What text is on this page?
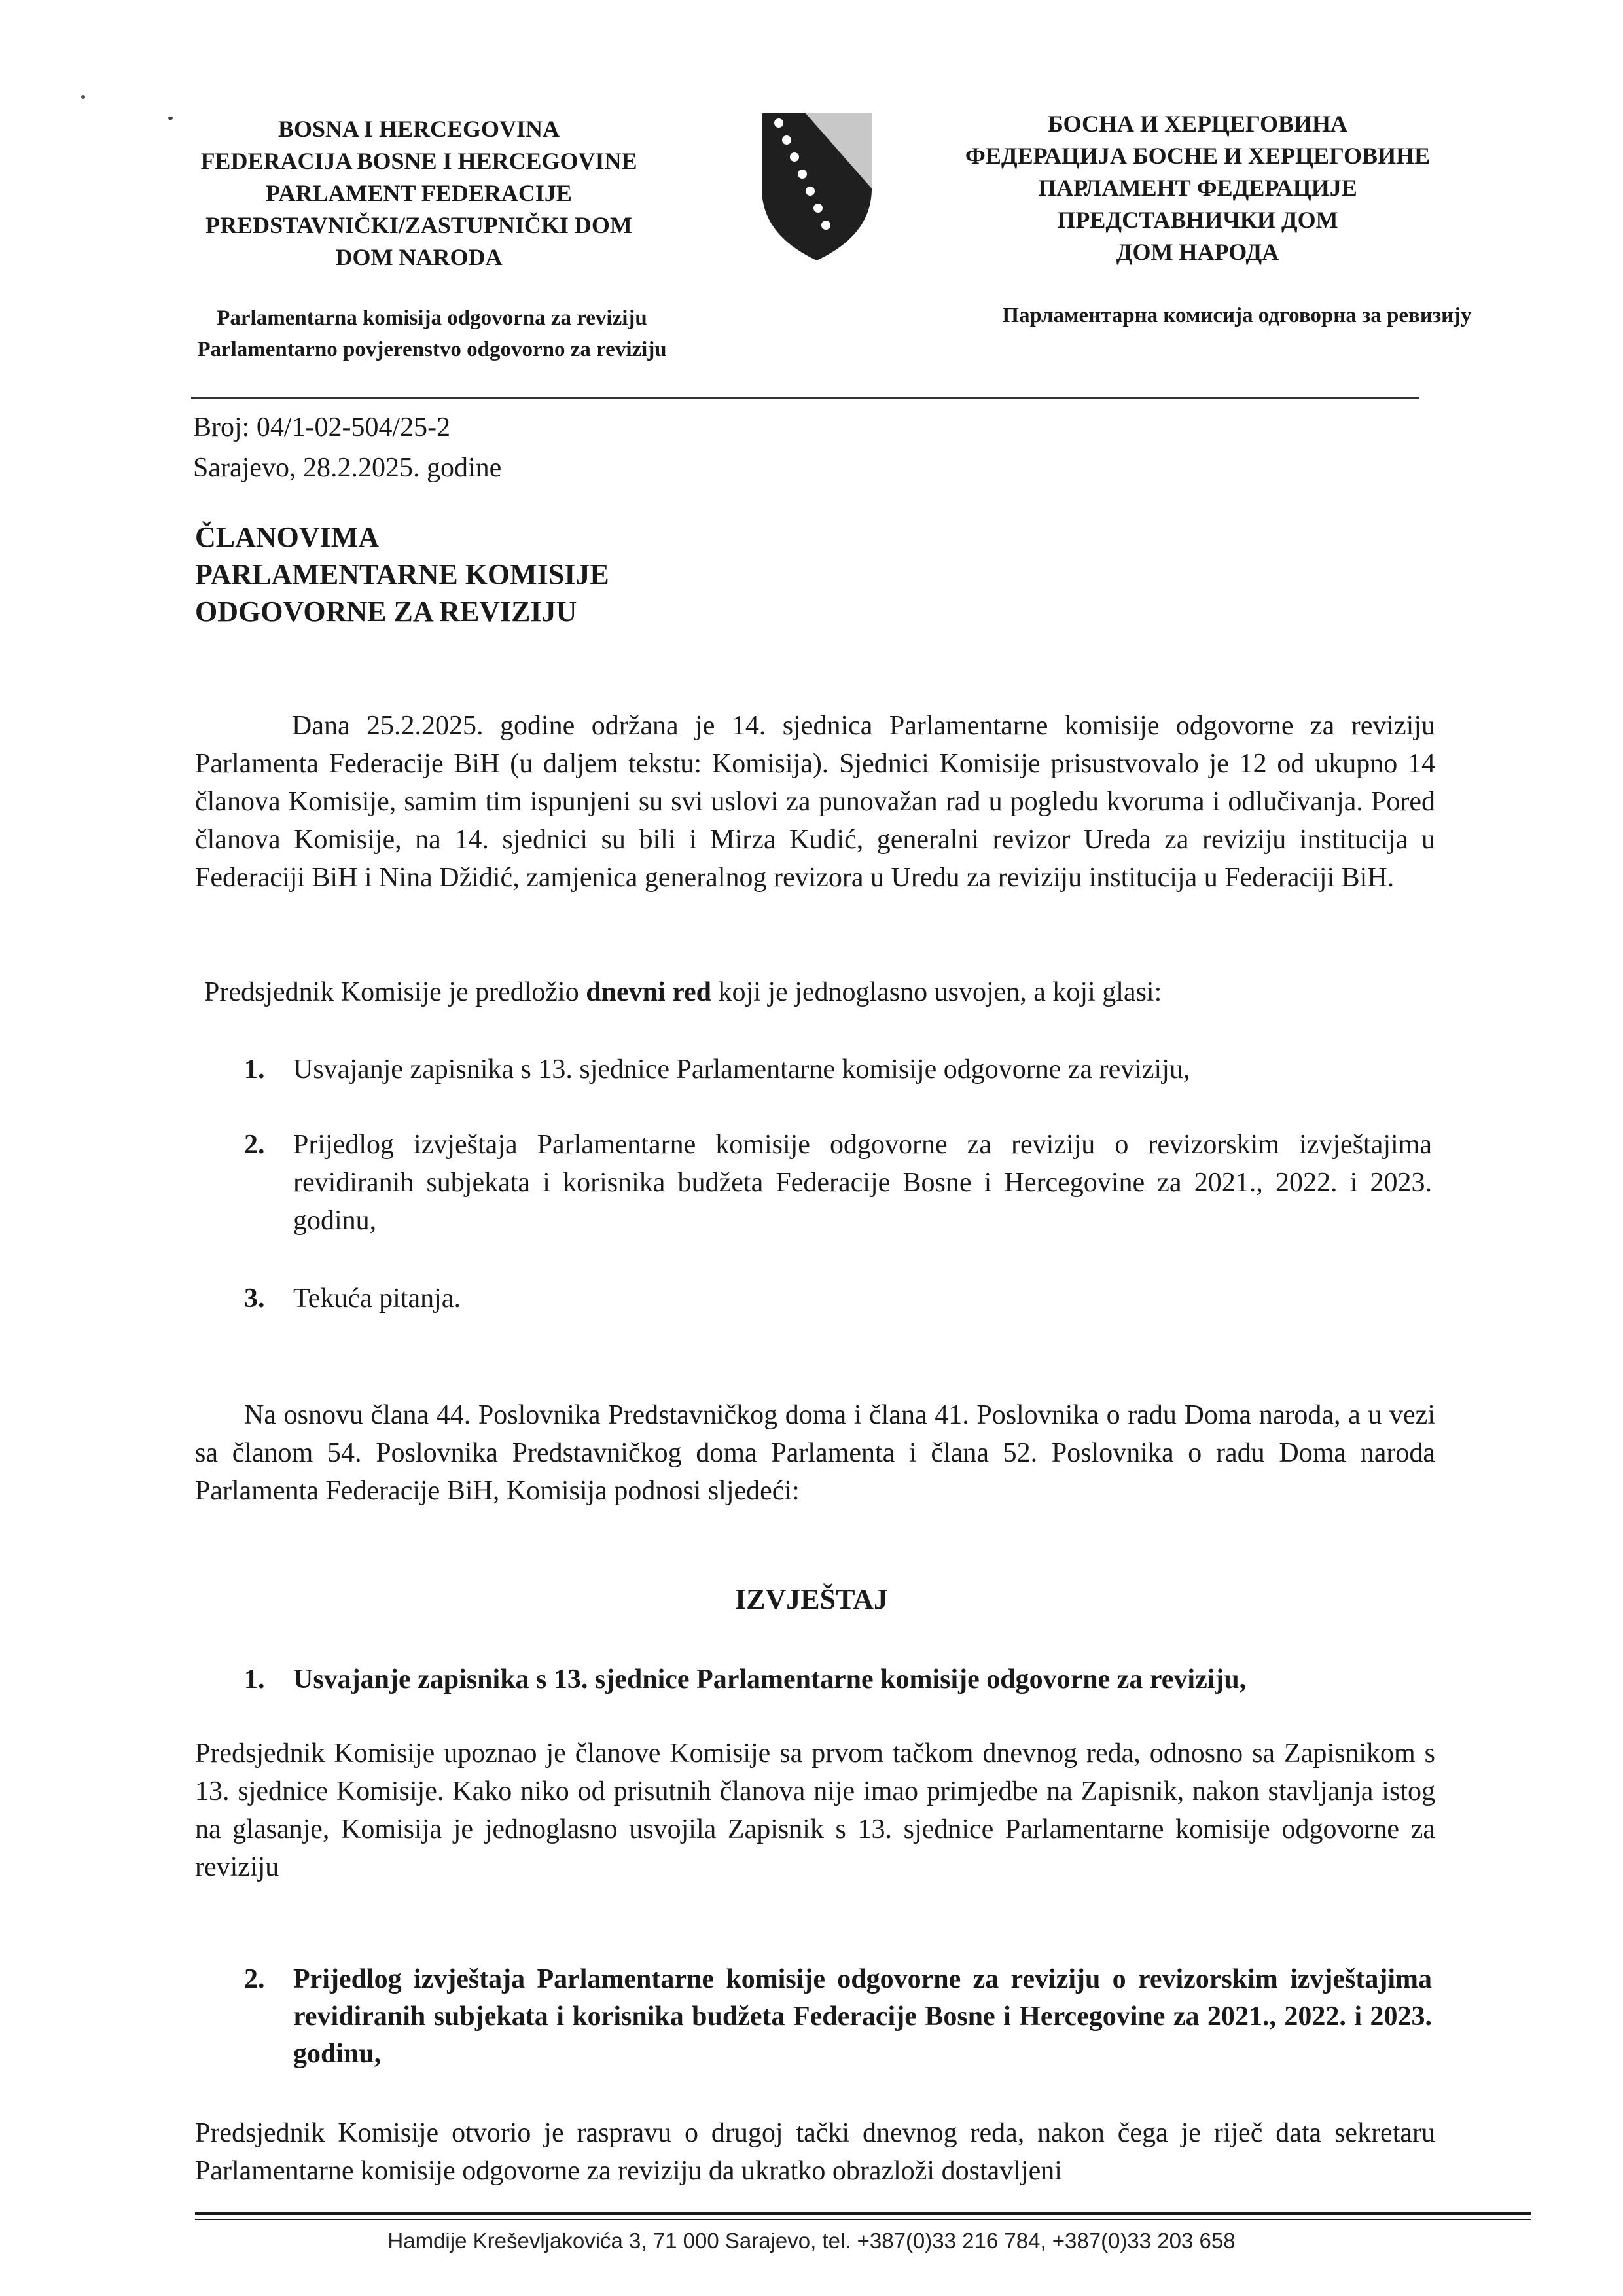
BOSNA I HERCEGOVINA
FEDERACIJA BOSNE I HERCEGOVINE
PARLAMENT FEDERACIJE
PREDSTAVNIČKI/ZASTUPNIČKI DOM
DOM NARODA
БОСНА И ХЕРЦЕГОВИНА
ФЕДЕРАЦИЈА БОСНЕ И ХЕРЦЕГОВИНЕ
ПАРЛАМЕНТ ФЕДЕРАЦИЈЕ
ПРЕДСТАВНИЧКИ ДОМ
ДОМ НАРОДА
Parlamentarna komisija odgovorna za reviziju
Parlamentarno povjerenstvo odgovorno za reviziju
Парламентарна комисија одговорна за ревизију
Broj: 04/1-02-504/25-2
Sarajevo, 28.2.2025. godine
ČLANOVIMA
PARLAMENTARNE KOMISIJE
ODGOVORNE ZA REVIZIJU
Dana 25.2.2025. godine održana je 14. sjednica Parlamentarne komisije odgovorne za reviziju Parlamenta Federacije BiH (u daljem tekstu: Komisija). Sjednici Komisije prisustvovalo je 12 od ukupno 14 članova Komisije, samim tim ispunjeni su svi uslovi za punovažan rad u pogledu kvoruma i odlučivanja. Pored članova Komisije, na 14. sjednici su bili i Mirza Kudić, generalni revizor Ureda za reviziju institucija u Federaciji BiH i Nina Džidić, zamjenica generalnog revizora u Uredu za reviziju institucija u Federaciji BiH.
Predsjednik Komisije je predložio dnevni red koji je jednoglasno usvojen, a koji glasi:
1. Usvajanje zapisnika s 13. sjednice Parlamentarne komisije odgovorne za reviziju,
2. Prijedlog izvještaja Parlamentarne komisije odgovorne za reviziju o revizorskim izvještajima revidiranih subjekata i korisnika budžeta Federacije Bosne i Hercegovine za 2021., 2022. i 2023. godinu,
3. Tekuća pitanja.
Na osnovu člana 44. Poslovnika Predstavničkog doma i člana 41. Poslovnika o radu Doma naroda, a u vezi sa članom 54. Poslovnika Predstavničkog doma Parlamenta i člana 52. Poslovnika o radu Doma naroda Parlamenta Federacije BiH, Komisija podnosi sljedeći:
IZVJEŠTAJ
1. Usvajanje zapisnika s 13. sjednice Parlamentarne komisije odgovorne za reviziju,
Predsjednik Komisije upoznao je članove Komisije sa prvom tačkom dnevnog reda, odnosno sa Zapisnikom s 13. sjednice Komisije. Kako niko od prisutnih članova nije imao primjedbe na Zapisnik, nakon stavljanja istog na glasanje, Komisija je jednoglasno usvojila Zapisnik s 13. sjednice Parlamentarne komisije odgovorne za reviziju
2. Prijedlog izvještaja Parlamentarne komisije odgovorne za reviziju o revizorskim izvještajima revidiranih subjekata i korisnika budžeta Federacije Bosne i Hercegovine za 2021., 2022. i 2023. godinu,
Predsjednik Komisije otvorio je raspravu o drugoj tački dnevnog reda, nakon čega je riječ data sekretaru Parlamentarne komisije odgovorne za reviziju da ukratko obrazloži dostavljeni
Hamdije Kreševljakovića 3, 71 000 Sarajevo, tel. +387(0)33 216 784, +387(0)33 203 658
